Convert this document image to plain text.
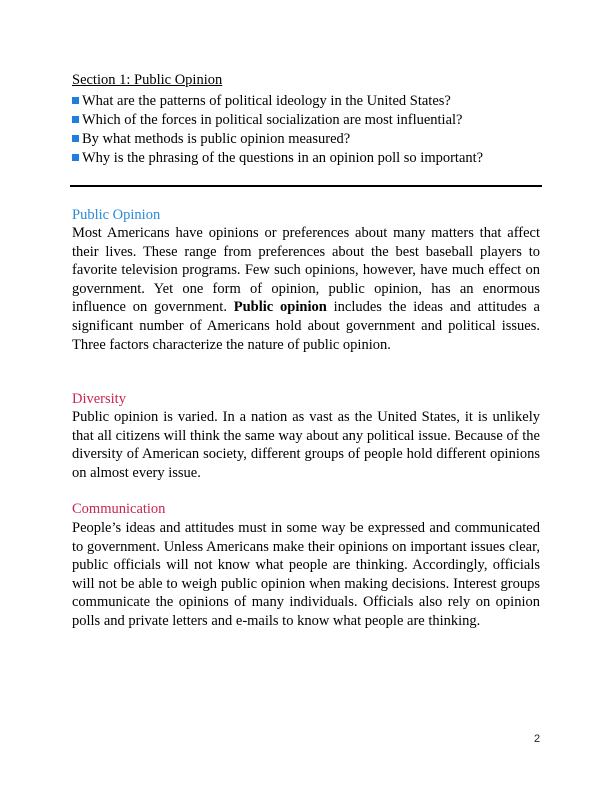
Section 1: Public Opinion
What are the patterns of political ideology in the United States?
Which of the forces in political socialization are most influential?
By what methods is public opinion measured?
Why is the phrasing of the questions in an opinion poll so important?
Public Opinion

Most Americans have opinions or preferences about many matters that affect their lives. These range from preferences about the best baseball players to favorite television programs. Few such opinions, however, have much effect on government. Yet one form of opinion, public opinion, has an enormous influence on government. Public opinion includes the ideas and attitudes a significant number of Americans hold about government and political issues. Three factors characterize the nature of public opinion.

Diversity

Public opinion is varied. In a nation as vast as the United States, it is unlikely that all citizens will think the same way about any political issue. Because of the diversity of American society, different groups of people hold different opinions on almost every issue.

Communication

People’s ideas and attitudes must in some way be expressed and communicated to government. Unless Americans make their opinions on important issues clear, public officials will not know what people are thinking. Accordingly, officials will not be able to weigh public opinion when making decisions. Interest groups communicate the opinions of many individuals. Officials also rely on opinion polls and private letters and e-mails to know what people are thinking.

2
